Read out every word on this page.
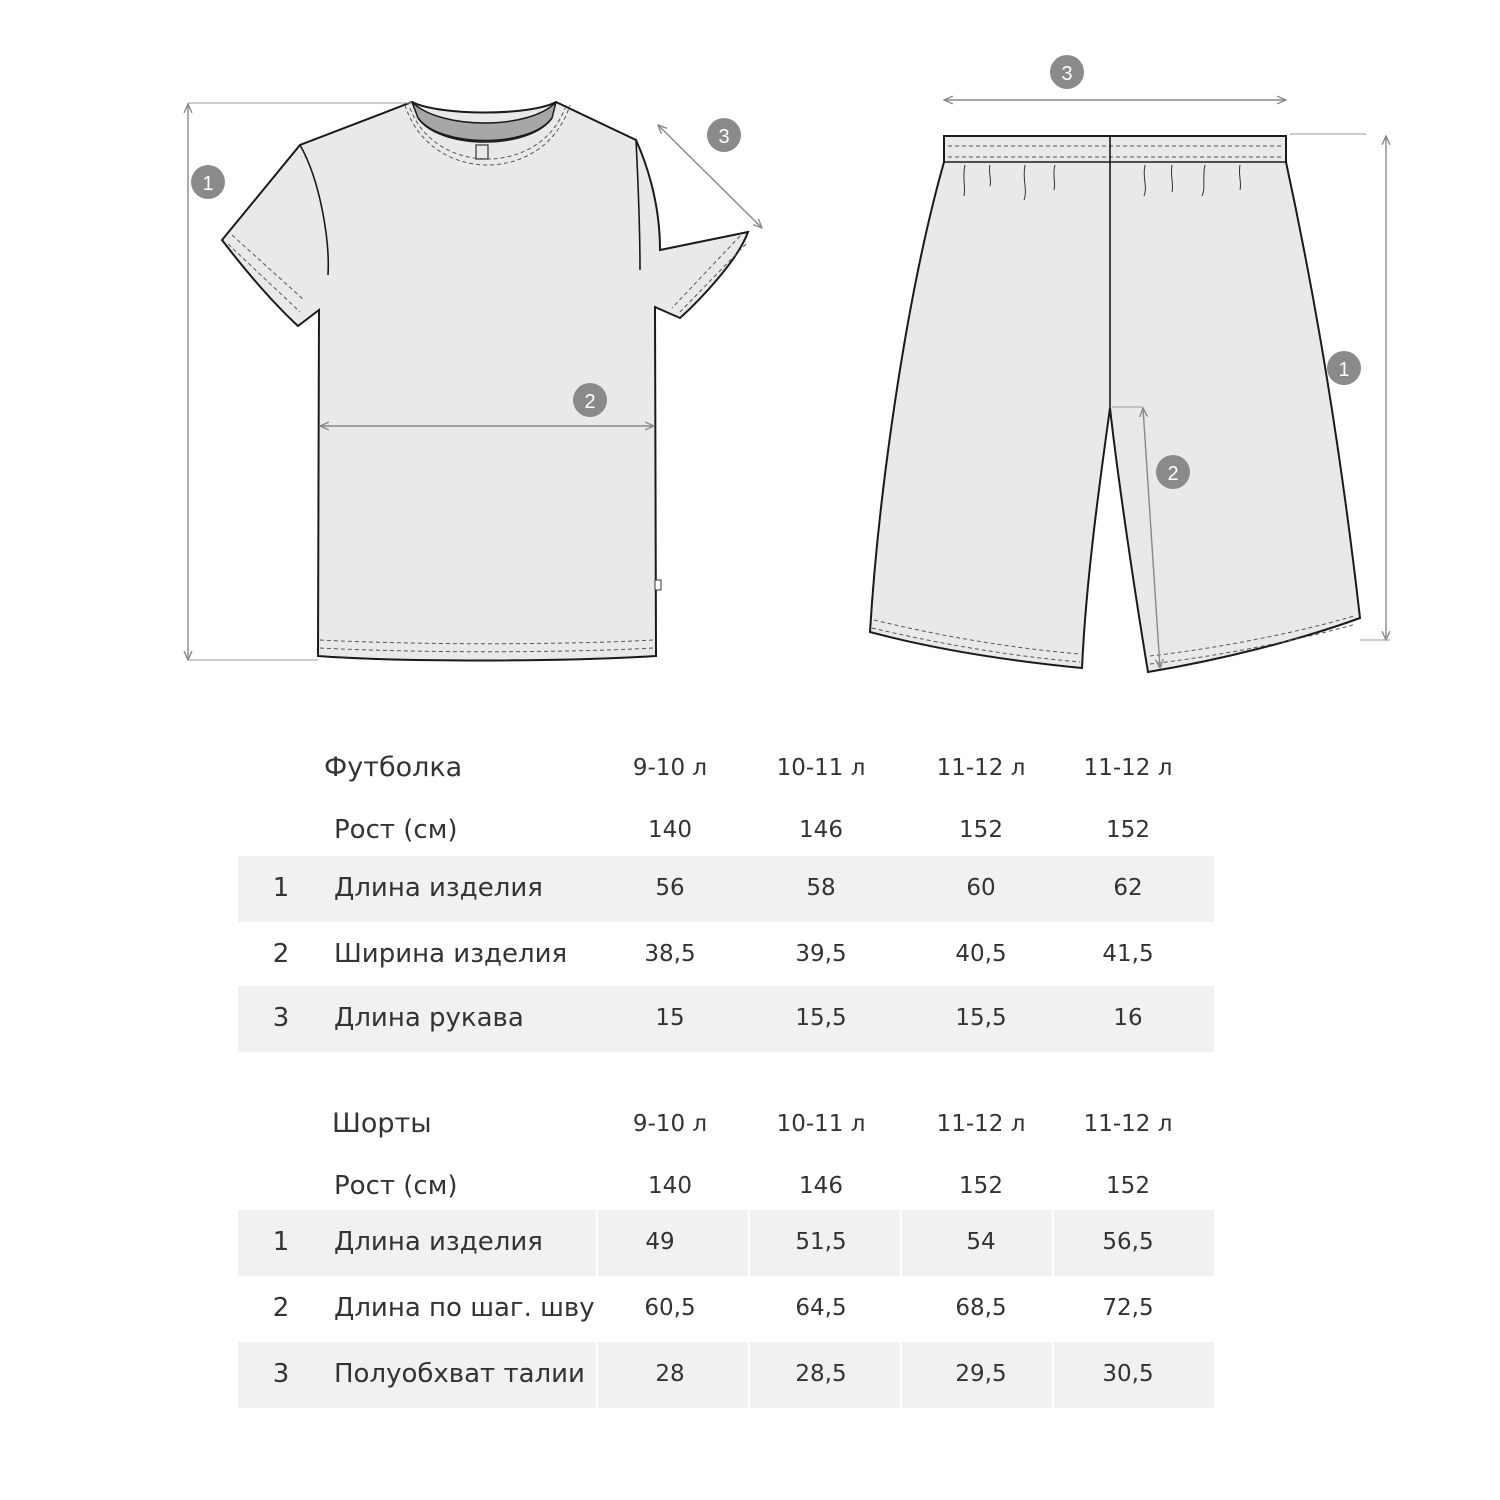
1
2
3
3
1
2
Футболка	9-10 л	10-11 л	11-12 л	11-12 л
Рост (см)	140	146	152	152
1 Длина изделия	56	58	60	62
2 Ширина изделия	38,5	39,5	40,5	41,5
3 Длина рукава	15	15,5	15,5	16
Шорты	9-10 л	10-11 л	11-12 л	11-12 л
Рост (см)	140	146	152	152
1 Длина изделия	49	51,5	54	56,5
2 Длина по шаг. шву	60,5	64,5	68,5	72,5
3 Полуобхват талии	28	28,5	29,5	30,5
